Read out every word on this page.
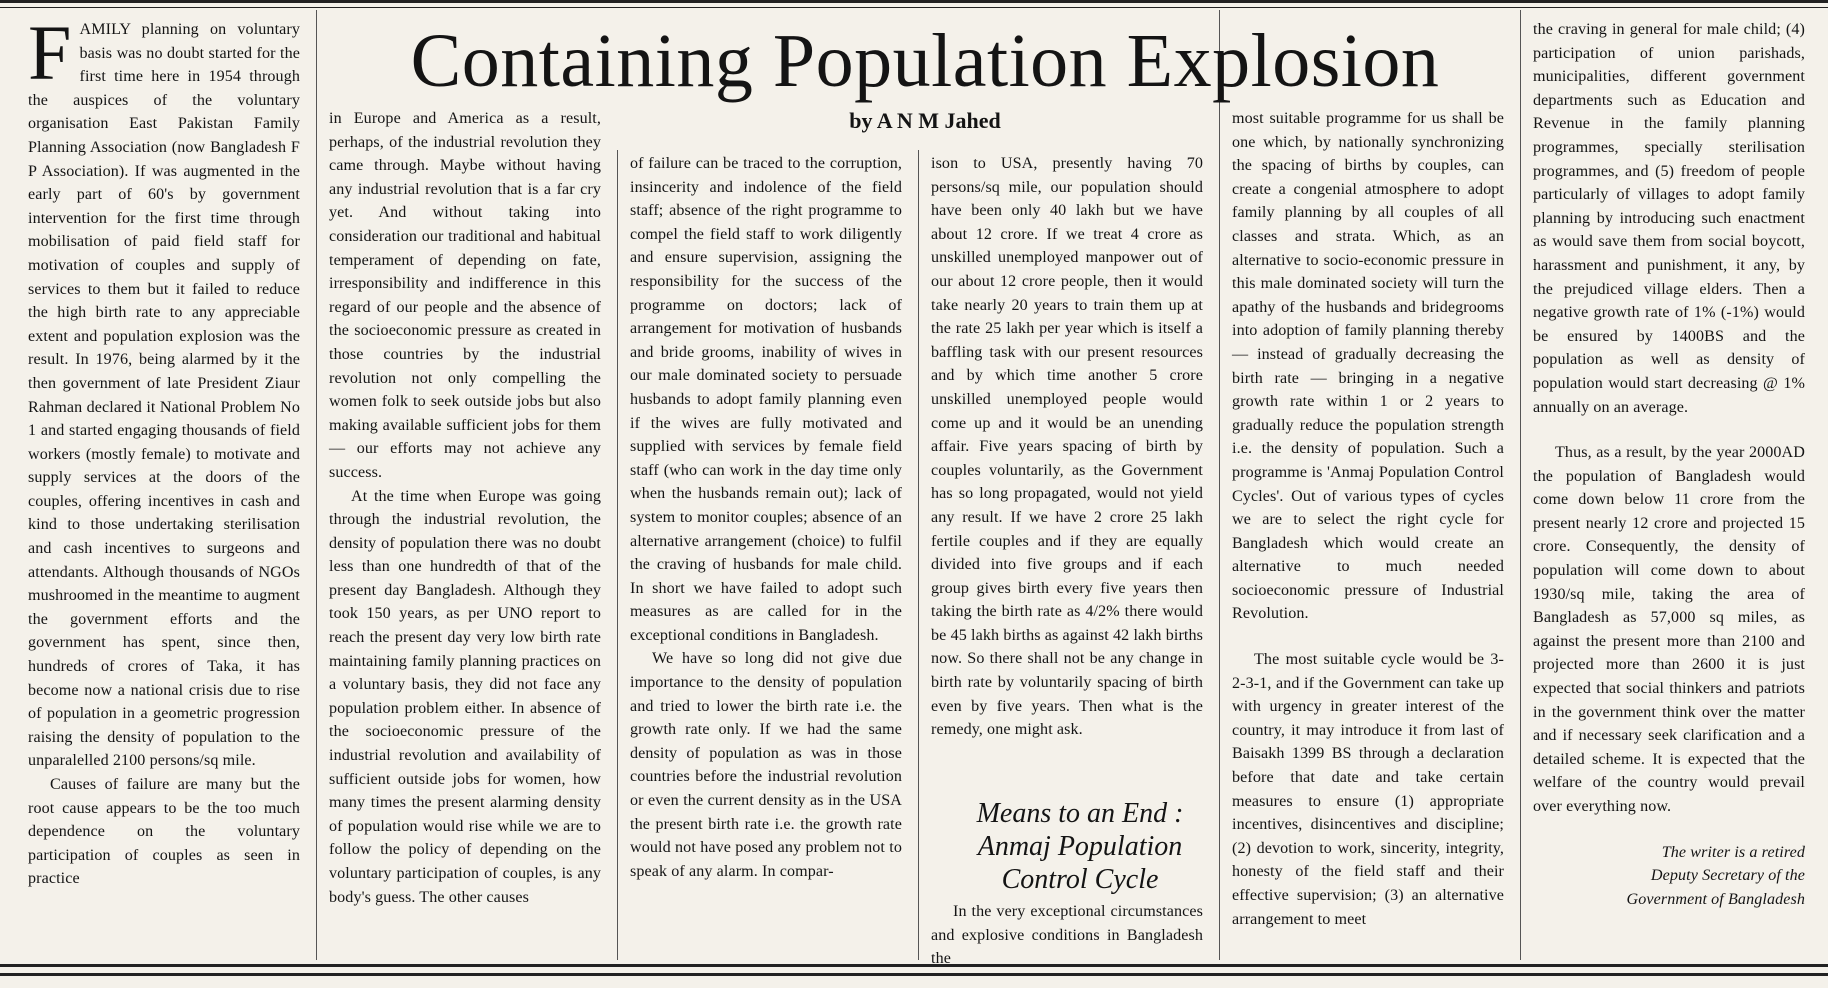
Containing Population Explosion
by A N M Jahed

FAMILY planning on voluntary basis was no doubt started for the first time here in 1954 through the auspices of the voluntary organisation East Pakistan Family Planning Association (now Bangladesh F P Association). If was augmented in the early part of 60's by government intervention for the first time through mobilisation of paid field staff for motivation of couples and supply of services to them but it failed to reduce the high birth rate to any appreciable extent and population explosion was the result. In 1976, being alarmed by it the then government of late President Ziaur Rahman declared it National Problem No 1 and started engaging thousands of field workers (mostly female) to motivate and supply services at the doors of the couples, offering incentives in cash and kind to those undertaking sterilisation and cash incentives to surgeons and attendants. Although thousands of NGOs mushroomed in the meantime to augment the government efforts and the government has spent, since then, hundreds of crores of Taka, it has become now a national crisis due to rise of population in a geometric progression raising the density of population to the unparalelled 2100 persons/sq mile.

Causes of failure are many but the root cause appears to be the too much dependence on the voluntary participation of couples as seen in practice

in Europe and America as a result, perhaps, of the industrial revolution they came through. Maybe without having any industrial revolution that is a far cry yet. And without taking into consideration our traditional and habitual temperament of depending on fate, irresponsibility and indifference in this regard of our people and the absence of the socioeconomic pressure as created in those countries by the industrial revolution not only compelling the women folk to seek outside jobs but also making available sufficient jobs for them — our efforts may not achieve any success.

At the time when Europe was going through the industrial revolution, the density of population there was no doubt less than one hundredth of that of the present day Bangladesh. Although they took 150 years, as per UNO report to reach the present day very low birth rate maintaining family planning practices on a voluntary basis, they did not face any population problem either. In absence of the socioeconomic pressure of the industrial revolution and availability of sufficient outside jobs for women, how many times the present alarming density of population would rise while we are to follow the policy of depending on the voluntary participation of couples, is any body's guess. The other causes

of failure can be traced to the corruption, insincerity and indolence of the field staff; absence of the right programme to compel the field staff to work diligently and ensure supervision, assigning the responsibility for the success of the programme on doctors; lack of arrangement for motivation of husbands and bride grooms, inability of wives in our male dominated society to persuade husbands to adopt family planning even if the wives are fully motivated and supplied with services by female field staff (who can work in the day time only when the husbands remain out); lack of system to monitor couples; absence of an alternative arrangement (choice) to fulfil the craving of husbands for male child. In short we have failed to adopt such measures as are called for in the exceptional conditions in Bangladesh.

We have so long did not give due importance to the density of population and tried to lower the birth rate i.e. the growth rate only. If we had the same density of population as was in those countries before the industrial revolution or even the current density as in the USA the present birth rate i.e. the growth rate would not have posed any problem not to speak of any alarm. In compar-

ison to USA, presently having 70 persons/sq mile, our population should have been only 40 lakh but we have about 12 crore. If we treat 4 crore as unskilled unemployed manpower out of our about 12 crore people, then it would take nearly 20 years to train them up at the rate 25 lakh per year which is itself a baffling task with our present resources and by which time another 5 crore unskilled unemployed people would come up and it would be an unending affair. Five years spacing of birth by couples voluntarily, as the Government has so long propagated, would not yield any result. If we have 2 crore 25 lakh fertile couples and if they are equally divided into five groups and if each group gives birth every five years then taking the birth rate as 4/2% there would be 45 lakh births as against 42 lakh births now. So there shall not be any change in birth rate by voluntarily spacing of birth even by five years. Then what is the remedy, one might ask.

Means to an End :
Anmaj Population
Control Cycle

In the very exceptional circumstances and explosive conditions in Bangladesh the

most suitable programme for us shall be one which, by nationally synchronizing the spacing of births by couples, can create a congenial atmosphere to adopt family planning by all couples of all classes and strata. Which, as an alternative to socio-economic pressure in this male dominated society will turn the apathy of the husbands and bridegrooms into adoption of family planning thereby — instead of gradually decreasing the birth rate — bringing in a negative growth rate within 1 or 2 years to gradually reduce the population strength i.e. the density of population. Such a programme is 'Anmaj Population Control Cycles'. Out of various types of cycles we are to select the right cycle for Bangladesh which would create an alternative to much needed socioeconomic pressure of Industrial Revolution.

The most suitable cycle would be 3-2-3-1, and if the Government can take up with urgency in greater interest of the country, it may introduce it from last of Baisakh 1399 BS through a declaration before that date and take certain measures to ensure (1) appropriate incentives, disincentives and discipline; (2) devotion to work, sincerity, integrity, honesty of the field staff and their effective supervision; (3) an alternative arrangement to meet

the craving in general for male child; (4) participation of union parishads, municipalities, different government departments such as Education and Revenue in the family planning programmes, specially sterilisation programmes, and (5) freedom of people particularly of villages to adopt family planning by introducing such enactment as would save them from social boycott, harassment and punishment, it any, by the prejudiced village elders. Then a negative growth rate of 1% (-1%) would be ensured by 1400BS and the population as well as density of population would start decreasing @ 1% annually on an average.

Thus, as a result, by the year 2000AD the population of Bangladesh would come down below 11 crore from the present nearly 12 crore and projected 15 crore. Consequently, the density of population will come down to about 1930/sq mile, taking the area of Bangladesh as 57,000 sq miles, as against the present more than 2100 and projected more than 2600 it is just expected that social thinkers and patriots in the government think over the matter and if necessary seek clarification and a detailed scheme. It is expected that the welfare of the country would prevail over everything now.

The writer is a retired
Deputy Secretary of the
Government of Bangladesh
